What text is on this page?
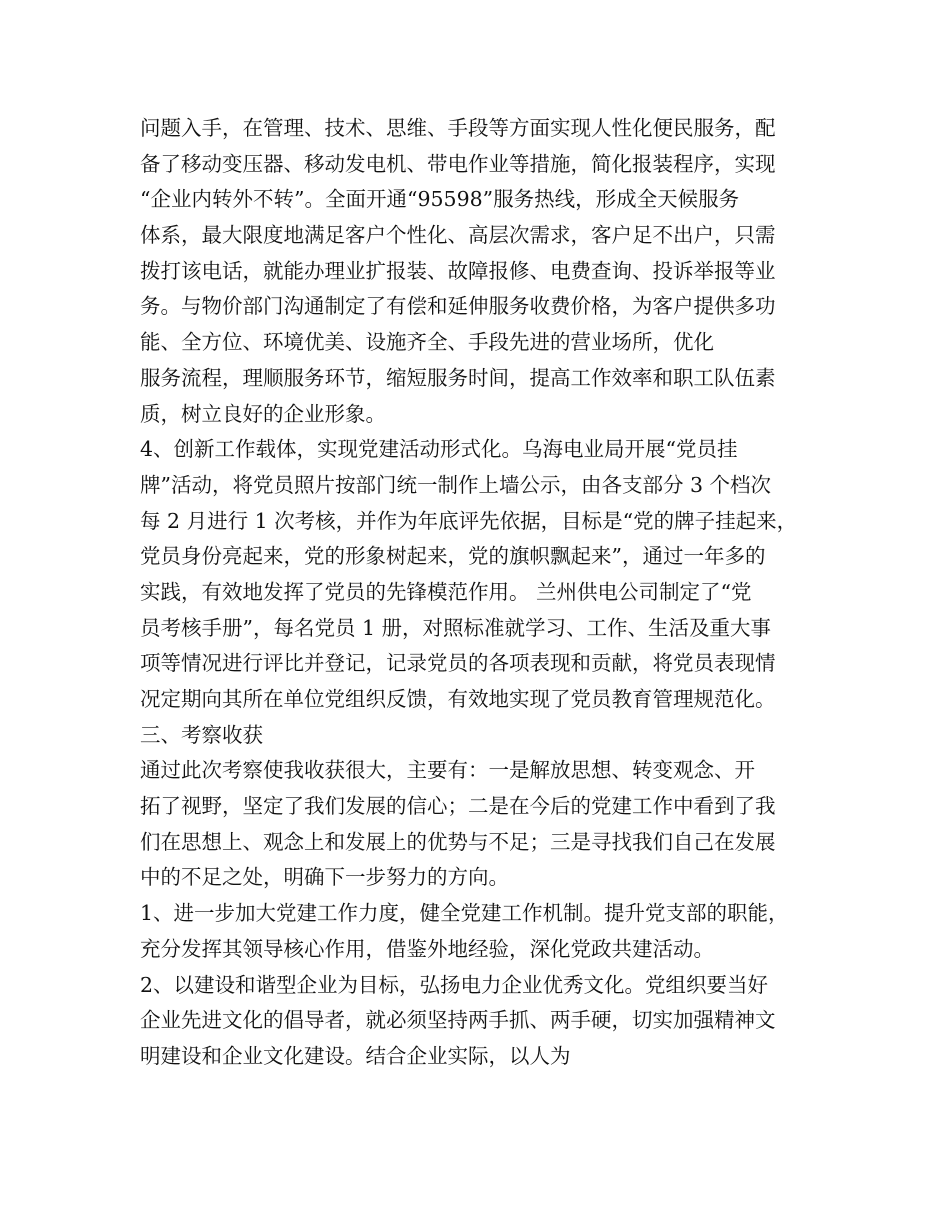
问题入手，在管理、技术、思维、手段等方面实现人性化便民服务，配
备了移动变压器、移动发电机、带电作业等措施，简化报装程序，实现
“企业内转外不转”。全面开通“95598”服务热线，形成全天候服务
体系，最大限度地满足客户个性化、高层次需求，客户足不出户，只需
拨打该电话，就能办理业扩报装、故障报修、电费查询、投诉举报等业
务。与物价部门沟通制定了有偿和延伸服务收费价格，为客户提供多功
能、全方位、环境优美、设施齐全、手段先进的营业场所，优化
服务流程，理顺服务环节，缩短服务时间，提高工作效率和职工队伍素
质，树立良好的企业形象。
4、创新工作载体，实现党建活动形式化。乌海电业局开展“党员挂
牌”活动，将党员照片按部门统一制作上墙公示，由各支部分 3 个档次
每 2 月进行 1 次考核，并作为年底评先依据，目标是“党的牌子挂起来，
党员身份亮起来，党的形象树起来，党的旗帜飘起来”，通过一年多的
实践，有效地发挥了党员的先锋模范作用。 兰州供电公司制定了“党
员考核手册”，每名党员 1 册，对照标准就学习、工作、生活及重大事
项等情况进行评比并登记，记录党员的各项表现和贡献，将党员表现情
况定期向其所在单位党组织反馈，有效地实现了党员教育管理规范化。
三、考察收获
通过此次考察使我收获很大，主要有：一是解放思想、转变观念、开
拓了视野，坚定了我们发展的信心；二是在今后的党建工作中看到了我
们在思想上、观念上和发展上的优势与不足；三是寻找我们自己在发展
中的不足之处，明确下一步努力的方向。
1、进一步加大党建工作力度，健全党建工作机制。提升党支部的职能，
充分发挥其领导核心作用，借鉴外地经验，深化党政共建活动。
2、以建设和谐型企业为目标，弘扬电力企业优秀文化。党组织要当好
企业先进文化的倡导者，就必须坚持两手抓、两手硬，切实加强精神文
明建设和企业文化建设。结合企业实际，以人为
